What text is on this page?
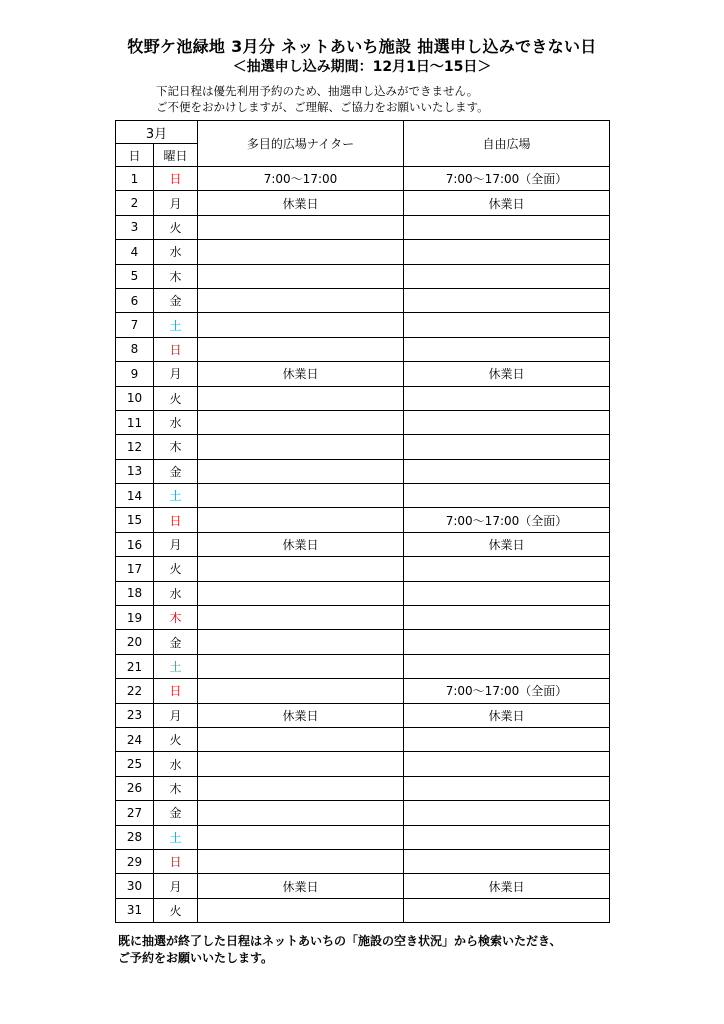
牧野ケ池緑地 3月分 ネットあいち施設 抽選申し込みできない日
＜抽選申し込み期間：12月1日～15日＞
下記日程は優先利用予約のため、抽選申し込みができません。
ご不便をおかけしますが、ご理解、ご協力をお願いいたします。
3月		多目的広場ナイター	自由広場
日	曜日		
1	日	7:00～17:00	7:00～17:00（全面）
2	月	休業日	休業日
3	火		
4	水		
5	木		
6	金		
7	土		
8	日		
9	月	休業日	休業日
10	火		
11	水		
12	木		
13	金		
14	土		
15	日		7:00～17:00（全面）
16	月	休業日	休業日
17	火		
18	水		
19	木		
20	金		
21	土		
22	日		7:00～17:00（全面）
23	月	休業日	休業日
24	火		
25	水		
26	木		
27	金		
28	土		
29	日		
30	月	休業日	休業日
31	火		
既に抽選が終了した日程はネットあいちの「施設の空き状況」から検索いただき、
ご予約をお願いいたします。
